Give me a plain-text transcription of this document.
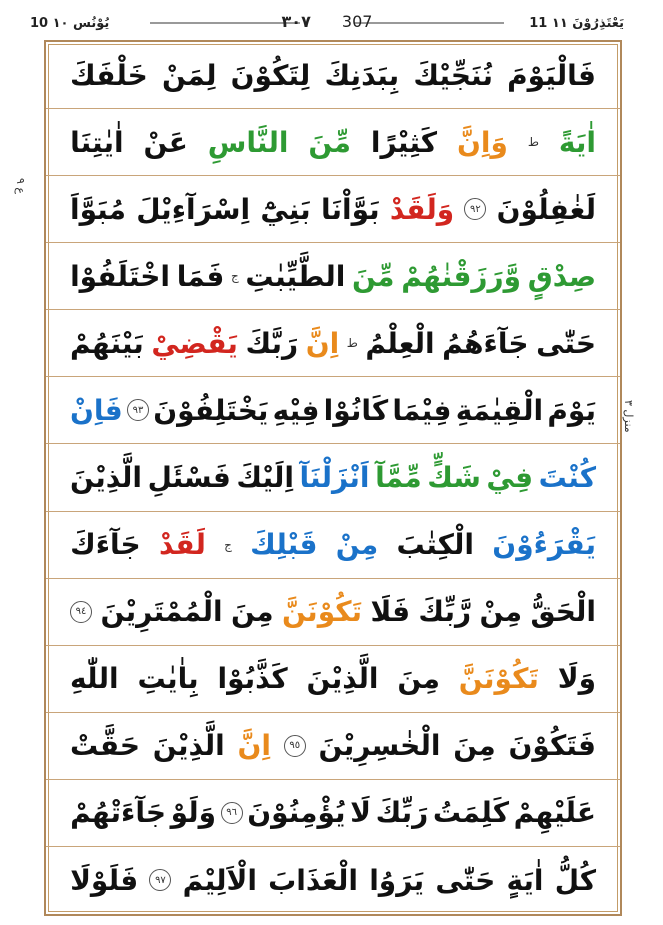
11 يَعْتَذِرُوْنَ ١١
٣٠٧ 307
10 يُوْنُس ١٠
ع ٩
منزل ٣
فَالْيَوْمَ
نُنَجِّيْكَ
بِبَدَنِكَ
لِتَكُوْنَ
لِمَنْ
خَلْفَكَ
اٰيَةً
ط
وَاِنَّ
كَثِيْرًا
مِّنَ
النَّاسِ
عَنْ
اٰيٰتِنَا
لَغٰفِلُوْنَ
٩٢
وَلَقَدْ
بَوَّاْنَا
بَنِيْٓ
اِسْرَآءِيْلَ
مُبَوَّاَ
صِدْقٍ
وَّرَزَقْنٰهُمْ
مِّنَ
الطَّيِّبٰتِ
ج
فَمَا
اخْتَلَفُوْا
حَتّٰى
جَآءَهُمُ
الْعِلْمُ
ط
اِنَّ
رَبَّكَ
يَقْضِيْ
بَيْنَهُمْ
يَوْمَ
الْقِيٰمَةِ
فِيْمَا
كَانُوْا
فِيْهِ
يَخْتَلِفُوْنَ
٩٣
فَاِنْ
كُنْتَ
فِيْ
شَكٍّ
مِّمَّآ
اَنْزَلْنَآ
اِلَيْكَ
فَسْئَلِ
الَّذِيْنَ
يَقْرَءُوْنَ
الْكِتٰبَ
مِنْ
قَبْلِكَ
ج
لَقَدْ
جَآءَكَ
الْحَقُّ
مِنْ
رَّبِّكَ
فَلَا
تَكُوْنَنَّ
مِنَ
الْمُمْتَرِيْنَ
٩٤
وَلَا
تَكُوْنَنَّ
مِنَ
الَّذِيْنَ
كَذَّبُوْا
بِاٰيٰتِ
اللّٰهِ
فَتَكُوْنَ
مِنَ
الْخٰسِرِيْنَ
٩٥
اِنَّ
الَّذِيْنَ
حَقَّتْ
عَلَيْهِمْ
كَلِمَتُ
رَبِّكَ
لَا
يُؤْمِنُوْنَ
٩٦
وَلَوْ
جَآءَتْهُمْ
كُلُّ
اٰيَةٍ
حَتّٰى
يَرَوُا
الْعَذَابَ
الْاَلِيْمَ
٩٧
فَلَوْلَا
